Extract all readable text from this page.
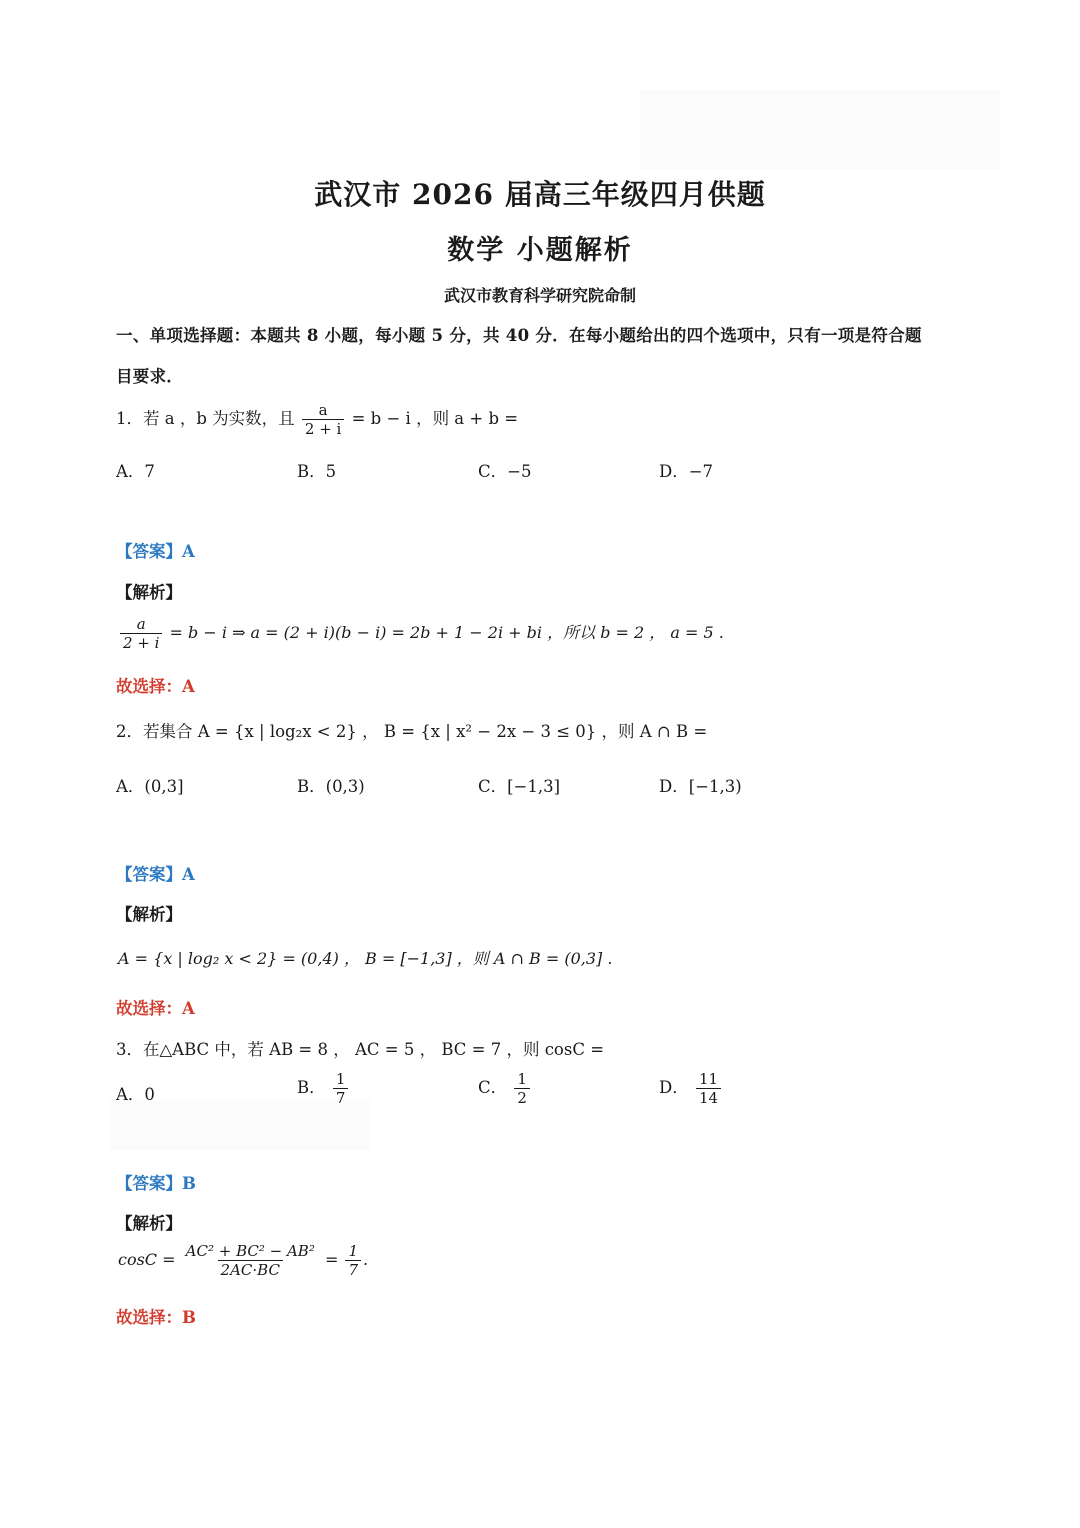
武汉市 2026 届高三年级四月供题
数学 小题解析
武汉市教育科学研究院命制
一、单项选择题：本题共 8 小题，每小题 5 分，共 40 分．在每小题给出的四个选项中，只有一项是符合题
目要求．
1．若 a ，b 为实数，且 $\frac{a}{2 + i} = b - i$ ，则 a + b =
A．7	B．5	C．−5	D．−7
【答案】A
【解析】
$\frac{a}{2 + i} = b - i$ ⇒ a = (2 + i)(b − i) = 2b + 1 − 2i + bi ，所以 b = 2 ， a = 5 .
故选择：A
2．若集合 A = {x | log₂x < 2} ， B = {x | x² − 2x − 3 ≤ 0} ，则 A ∩ B =
A．(0,3]	B．(0,3)	C．[−1,3]	D．[−1,3)
【答案】A
【解析】
A = {x | log₂ x < 2} = (0,4) ， B = [−1,3] ，则 A ∩ B = (0,3] .
故选择：A
3．在△ABC 中，若 AB = 8 ， AC = 5 ， BC = 7 ，则 cosC =
A．0	B． $\frac{1}{7}$	C． $\frac{1}{2}$	D． $\frac{11}{14}$
【答案】B
【解析】
$\cos C = \frac{\text{AC² + BC² − AB²}}{2AC\cdot BC} = \frac{1}{7}$ .
故选择：B
